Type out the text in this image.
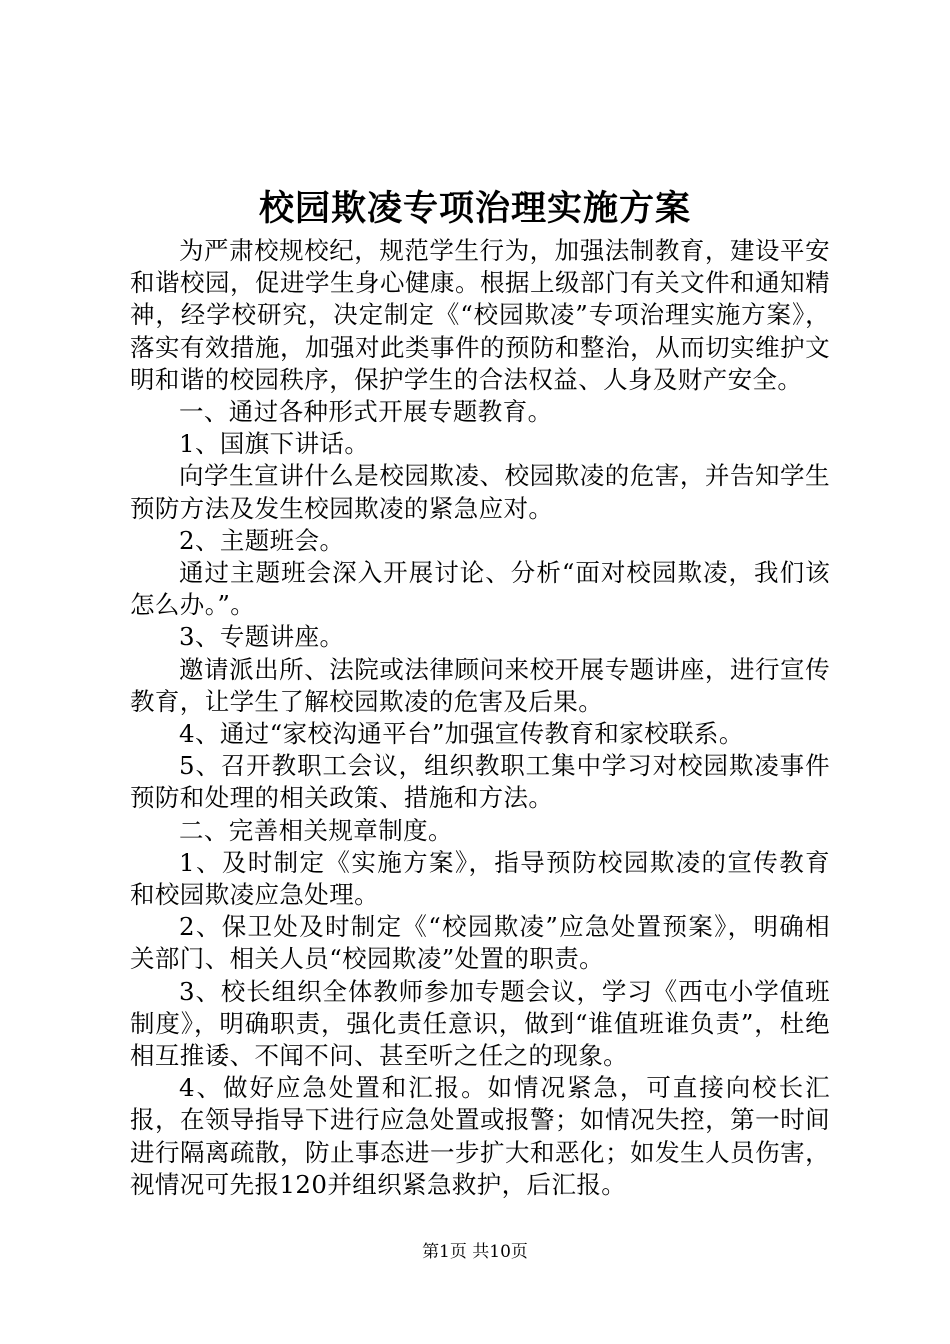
校园欺凌专项治理实施方案

为严肃校规校纪，规范学生行为，加强法制教育，建设平安和谐校园，促进学生身心健康。根据上级部门有关文件和通知精神，经学校研究，决定制定《“校园欺凌”专项治理实施方案》，落实有效措施，加强对此类事件的预防和整治，从而切实维护文明和谐的校园秩序，保护学生的合法权益、人身及财产安全。

一、通过各种形式开展专题教育。

1、国旗下讲话。

向学生宣讲什么是校园欺凌、校园欺凌的危害，并告知学生预防方法及发生校园欺凌的紧急应对。

2、主题班会。

通过主题班会深入开展讨论、分析“面对校园欺凌，我们该怎么办。”。

3、专题讲座。

邀请派出所、法院或法律顾问来校开展专题讲座，进行宣传教育，让学生了解校园欺凌的危害及后果。

4、通过“家校沟通平台”加强宣传教育和家校联系。

5、召开教职工会议，组织教职工集中学习对校园欺凌事件预防和处理的相关政策、措施和方法。

二、完善相关规章制度。

1、及时制定《实施方案》，指导预防校园欺凌的宣传教育和校园欺凌应急处理。

2、保卫处及时制定《“校园欺凌”应急处置预案》，明确相关部门、相关人员“校园欺凌”处置的职责。

3、校长组织全体教师参加专题会议，学习《西屯小学值班制度》，明确职责，强化责任意识，做到“谁值班谁负责”，杜绝相互推诿、不闻不问、甚至听之任之的现象。

4、做好应急处置和汇报。如情况紧急，可直接向校长汇报，在领导指导下进行应急处置或报警；如情况失控，第一时间进行隔离疏散，防止事态进一步扩大和恶化；如发生人员伤害，视情况可先报120并组织紧急救护，后汇报。

第1页 共10页
